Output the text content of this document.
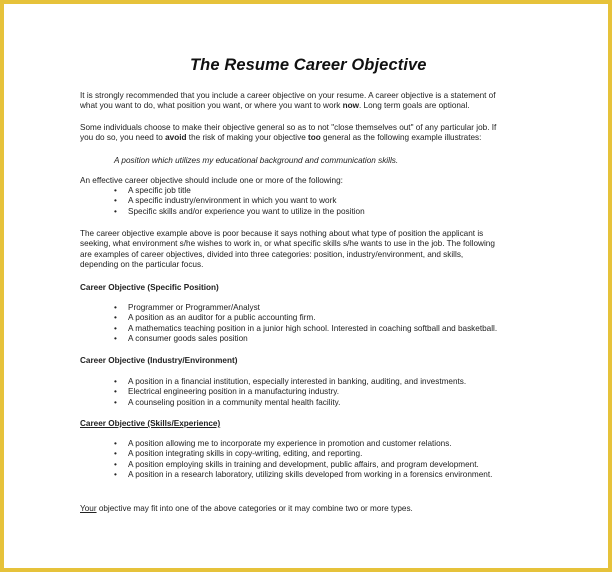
The Resume Career Objective
It is strongly recommended that you include a career objective on your resume. A career objective is a statement of
what you want to do, what position you want, or where you want to work now. Long term goals are optional.
Some individuals choose to make their objective general so as to not "close themselves out" of any particular job. If
you do so, you need to avoid the risk of making your objective too general as the following example illustrates:
A position which utilizes my educational background and communication skills.
An effective career objective should include one or more of the following:
• A specific job title
• A specific industry/environment in which you want to work
• Specific skills and/or experience you want to utilize in the position
The career objective example above is poor because it says nothing about what type of position the applicant is
seeking, what environment s/he wishes to work in, or what specific skills s/he wants to use in the job. The following
are examples of career objectives, divided into three categories: position, industry/environment, and skills,
depending on the particular focus.
Career Objective (Specific Position)
• Programmer or Programmer/Analyst
• A position as an auditor for a public accounting firm.
• A mathematics teaching position in a junior high school. Interested in coaching softball and basketball.
• A consumer goods sales position
Career Objective (Industry/Environment)
• A position in a financial institution, especially interested in banking, auditing, and investments.
• Electrical engineering position in a manufacturing industry.
• A counseling position in a community mental health facility.
Career Objective (Skills/Experience)
• A position allowing me to incorporate my experience in promotion and customer relations.
• A position integrating skills in copy-writing, editing, and reporting.
• A position employing skills in training and development, public affairs, and program development.
• A position in a research laboratory, utilizing skills developed from working in a forensics environment.
Your objective may fit into one of the above categories or it may combine two or more types.
